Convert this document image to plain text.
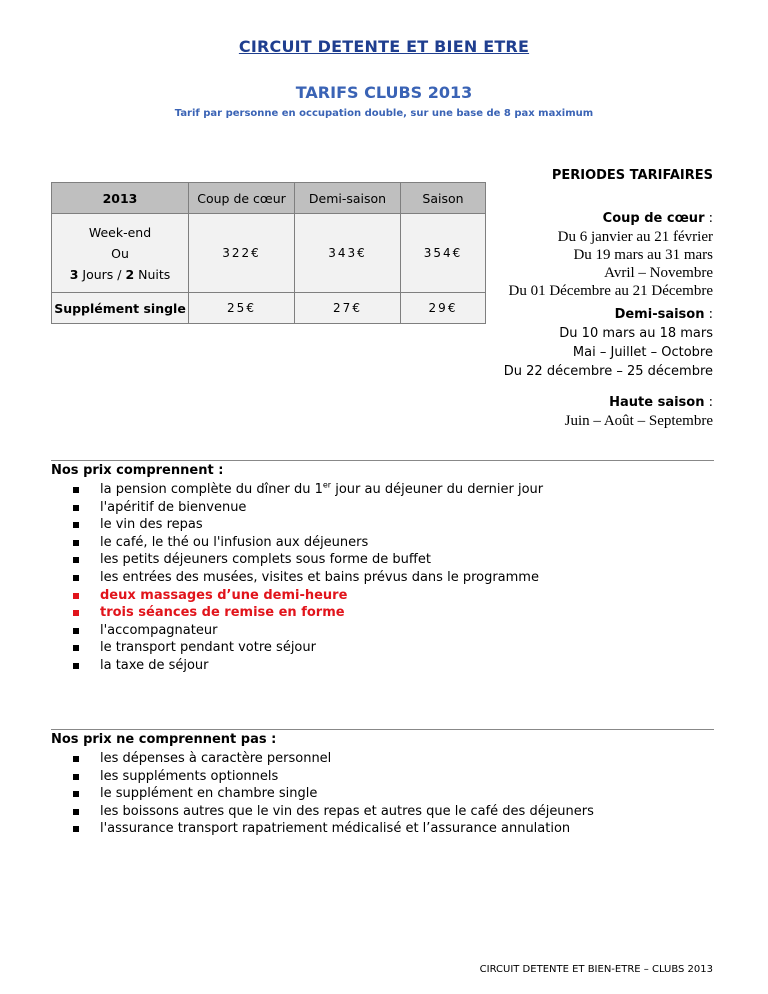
CIRCUIT DETENTE ET BIEN ETRE
TARIFS CLUBS 2013
Tarif par personne en occupation double, sur une base de 8 pax maximum
2013	Coup de cœur	Demi-saison	Saison

Week-end
Ou
3 Jours / 2 Nuits	322€	343€	354€
Supplément single	25€	27€	29€
PERIODES TARIFAIRES
Coup de cœur :
Du 6 janvier au 21 février
Du 19 mars au 31 mars
Avril – Novembre
Du 01 Décembre au 21 Décembre
Demi-saison :
Du 10 mars au 18 mars
Mai – Juillet – Octobre
Du 22 décembre – 25 décembre
Haute saison :
Juin – Août – Septembre
Nos prix comprennent :
la pension complète du dîner du 1er jour au déjeuner du dernier jour
l'apéritif de bienvenue
le vin des repas
le café, le thé ou l'infusion aux déjeuners
les petits déjeuners complets sous forme de buffet
les entrées des musées, visites et bains prévus dans le programme
deux massages d’une demi-heure
trois séances de remise en forme
l'accompagnateur
le transport pendant votre séjour
la taxe de séjour
Nos prix ne comprennent pas :
les dépenses à caractère personnel
les suppléments optionnels
le supplément en chambre single
les boissons autres que le vin des repas et autres que le café des déjeuners
l'assurance transport rapatriement médicalisé et l’assurance annulation
CIRCUIT DETENTE ET BIEN-ETRE – CLUBS 2013
